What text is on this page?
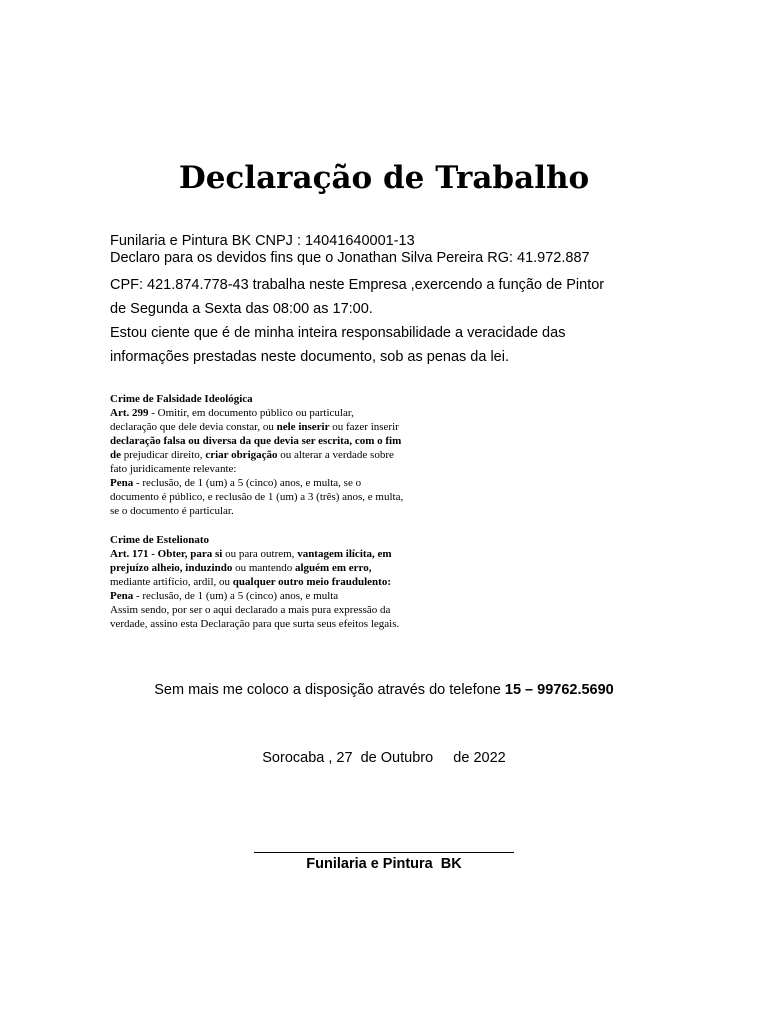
Declaração de Trabalho
Funilaria e Pintura BK CNPJ : 14041640001-13
Declaro para os devidos fins que o Jonathan Silva Pereira RG: 41.972.887
CPF: 421.874.778-43 trabalha neste Empresa ,exercendo a função de Pintor
de Segunda a Sexta das 08:00 as 17:00.
Estou ciente que é de minha inteira responsabilidade a veracidade das
informações prestadas neste documento, sob as penas da lei.
Crime de Falsidade Ideológica
Art. 299 - Omitir, em documento público ou particular,
declaração que dele devia constar, ou nele inserir ou fazer inserir
declaração falsa ou diversa da que devia ser escrita, com o fim
de prejudicar direito, criar obrigação ou alterar a verdade sobre
fato juridicamente relevante:
Pena - reclusão, de 1 (um) a 5 (cinco) anos, e multa, se o
documento é público, e reclusão de 1 (um) a 3 (três) anos, e multa,
se o documento é particular.
Crime de Estelionato
Art. 171 - Obter, para si ou para outrem, vantagem ilícita, em
prejuízo alheio, induzindo ou mantendo alguém em erro,
mediante artifício, ardil, ou qualquer outro meio fraudulento:
Pena - reclusão, de 1 (um) a 5 (cinco) anos, e multa
Assim sendo, por ser o aqui declarado a mais pura expressão da
verdade, assino esta Declaração para que surta seus efeitos legais.
Sem mais me coloco a disposição através do telefone 15 – 99762.5690
Sorocaba , 27  de Outubro     de 2022
Funilaria e Pintura  BK
